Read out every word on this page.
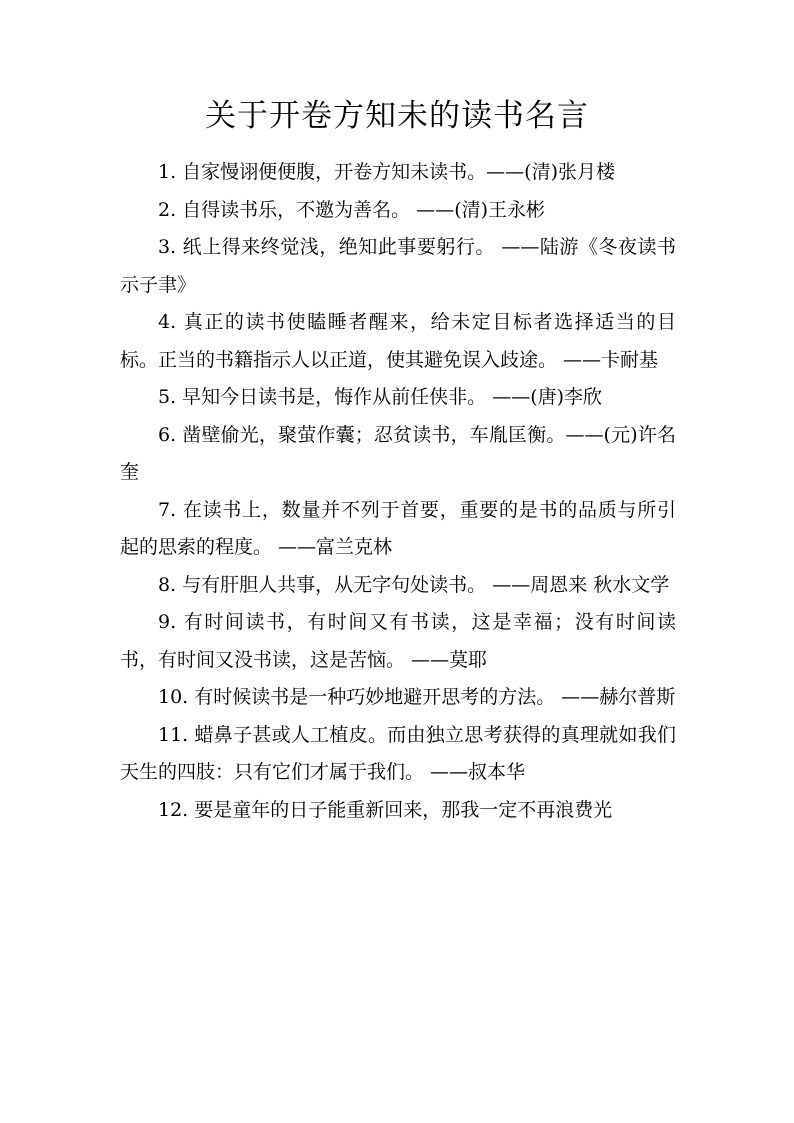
关于开卷方知未的读书名言

1. 自家慢诩便便腹，开卷方知未读书。——(清)张月楼

2. 自得读书乐，不邀为善名。 ——(清)王永彬

3. 纸上得来终觉浅，绝知此事要躬行。 ——陆游《冬夜读书示子聿》

4. 真正的读书使瞌睡者醒来，给未定目标者选择适当的目标。正当的书籍指示人以正道，使其避免误入歧途。 ——卡耐基

5. 早知今日读书是，悔作从前任侠非。 ——(唐)李欣

6. 凿壁偷光，聚萤作囊；忍贫读书，车胤匡衡。——(元)许名奎

7. 在读书上，数量并不列于首要，重要的是书的品质与所引起的思索的程度。 ——富兰克林

8. 与有肝胆人共事，从无字句处读书。 ——周恩来 秋水文学

9. 有时间读书，有时间又有书读，这是幸福；没有时间读书，有时间又没书读，这是苦恼。 ——莫耶

10. 有时候读书是一种巧妙地避开思考的方法。 ——赫尔普斯

11. 蜡鼻子甚或人工植皮。而由独立思考获得的真理就如我们天生的四肢：只有它们才属于我们。 ——叔本华

12. 要是童年的日子能重新回来，那我一定不再浪费光
